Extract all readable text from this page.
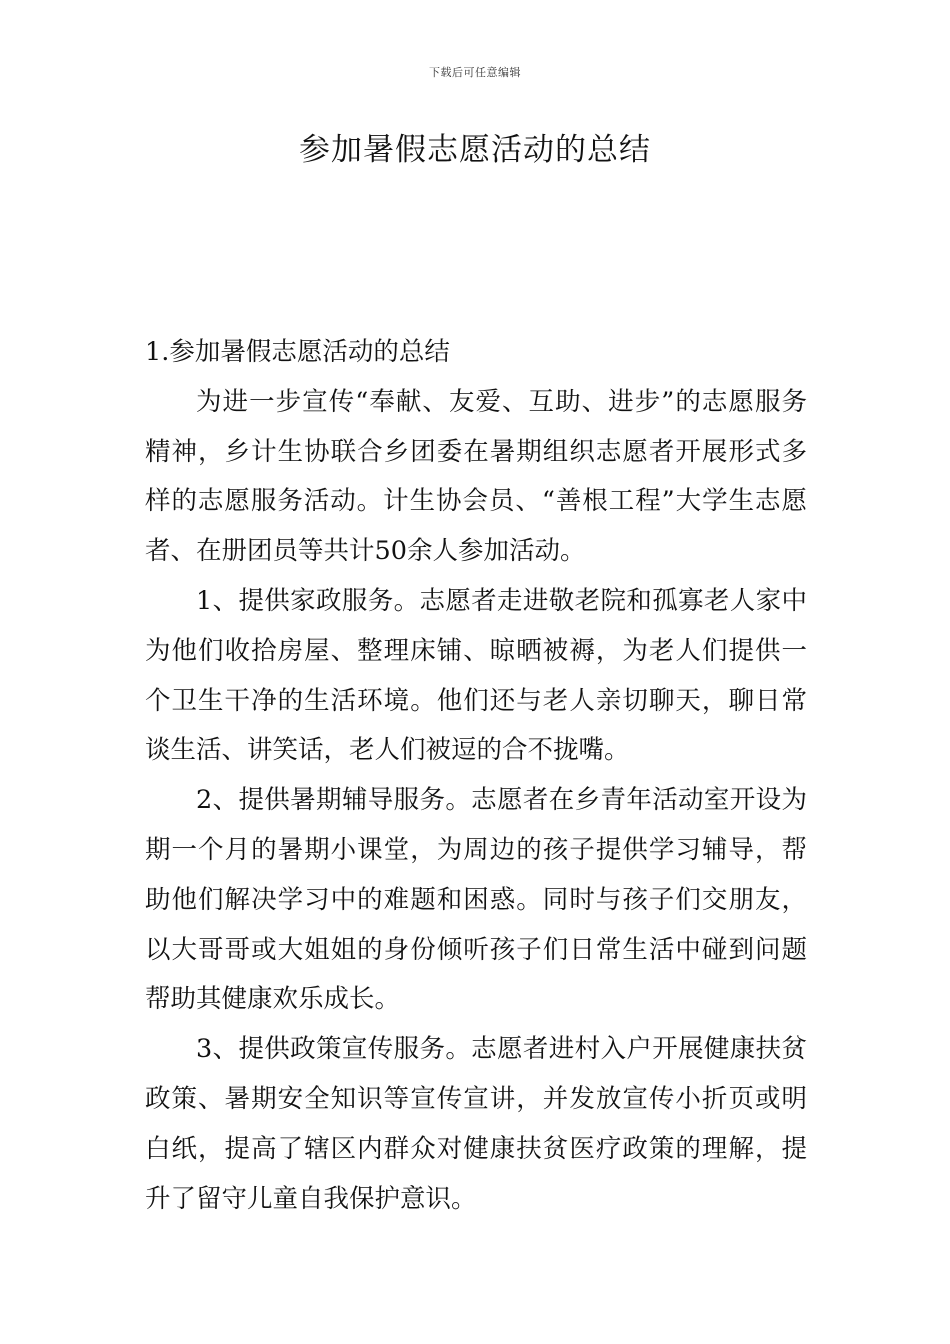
下载后可任意编辑
参加暑假志愿活动的总结

1.参加暑假志愿活动的总结

为进一步宣传“奉献、友爱、互助、进步”的志愿服务精神，乡计生协联合乡团委在暑期组织志愿者开展形式多样的志愿服务活动。计生协会员、“善根工程”大学生志愿者、在册团员等共计50余人参加活动。

1、提供家政服务。志愿者走进敬老院和孤寡老人家中为他们收拾房屋、整理床铺、晾晒被褥，为老人们提供一个卫生干净的生活环境。他们还与老人亲切聊天，聊日常谈生活、讲笑话，老人们被逗的合不拢嘴。

2、提供暑期辅导服务。志愿者在乡青年活动室开设为期一个月的暑期小课堂，为周边的孩子提供学习辅导，帮助他们解决学习中的难题和困惑。同时与孩子们交朋友，以大哥哥或大姐姐的身份倾听孩子们日常生活中碰到问题帮助其健康欢乐成长。

3、提供政策宣传服务。志愿者进村入户开展健康扶贫政策、暑期安全知识等宣传宣讲，并发放宣传小折页或明白纸，提高了辖区内群众对健康扶贫医疗政策的理解，提升了留守儿童自我保护意识。
